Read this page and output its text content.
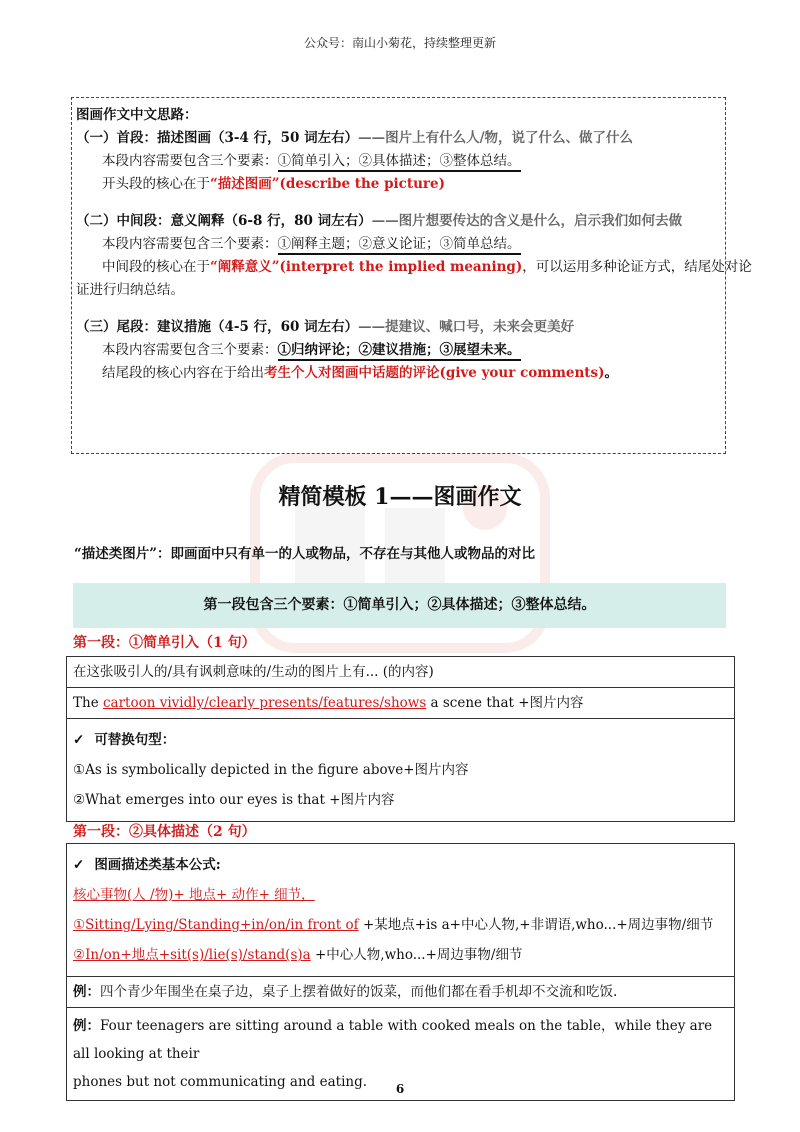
公众号：南山小菊花，持续整理更新
图画作文中文思路：
（一）首段：描述图画（3-4 行，50 词左右）——图片上有什么人/物，说了什么、做了什么
本段内容需要包含三个要素：①简单引入；②具体描述；③整体总结。
开头段的核心在于“描述图画”(describe the picture)
（二）中间段：意义阐释（6-8 行，80 词左右）——图片想要传达的含义是什么，启示我们如何去做
本段内容需要包含三个要素：①阐释主题；②意义论证；③简单总结。
中间段的核心在于“阐释意义”(interpret the implied meaning)，可以运用多种论证方式，结尾处对论
证进行归纳总结。
（三）尾段：建议措施（4-5 行，60 词左右）——提建议、喊口号，未来会更美好
本段内容需要包含三个要素：①归纳评论；②建议措施；③展望未来。
结尾段的核心内容在于给出考生个人对图画中话题的评论(give your comments)。
精简模板 1——图画作文
“描述类图片”：即画面中只有单一的人或物品，不存在与其他人或物品的对比
第一段包含三个要素：①简单引入；②具体描述；③整体总结。
第一段：①简单引入（1 句）
在这张吸引人的/具有讽刺意味的/生动的图片上有... (的内容)
The cartoon vividly/clearly presents/features/shows a scene that +图片内容
✓ 可替换句型：
①As is symbolically depicted in the figure above+图片内容
②What emerges into our eyes is that +图片内容
第一段：②具体描述（2 句）
✓ 图画描述类基本公式:
核心事物(人 /物)+ 地点+ 动作+ 细节，
①Sitting/Lying/Standing+in/on/in front of +某地点+is a+中心人物,+非谓语,who...+周边事物/细节
②In/on+地点+sit(s)/lie(s)/stand(s)a +中心人物,who...+周边事物/细节
例：四个青少年围坐在桌子边，桌子上摆着做好的饭菜，而他们都在看手机却不交流和吃饭.
例：Four teenagers are sitting around a table with cooked meals on the table，while they are all looking at their
phones but not communicating and eating.	6
